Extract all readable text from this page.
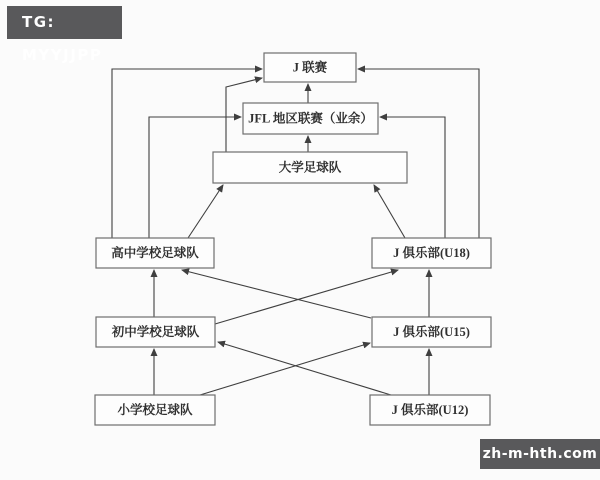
TG: MYYJJPP
J 联赛
JFL 地区联赛（业余）
大学足球队
高中学校足球队	J 俱乐部(U18)
初中学校足球队	J 俱乐部(U15)
小学校足球队	J 俱乐部(U12)
zh-m-hth.com
